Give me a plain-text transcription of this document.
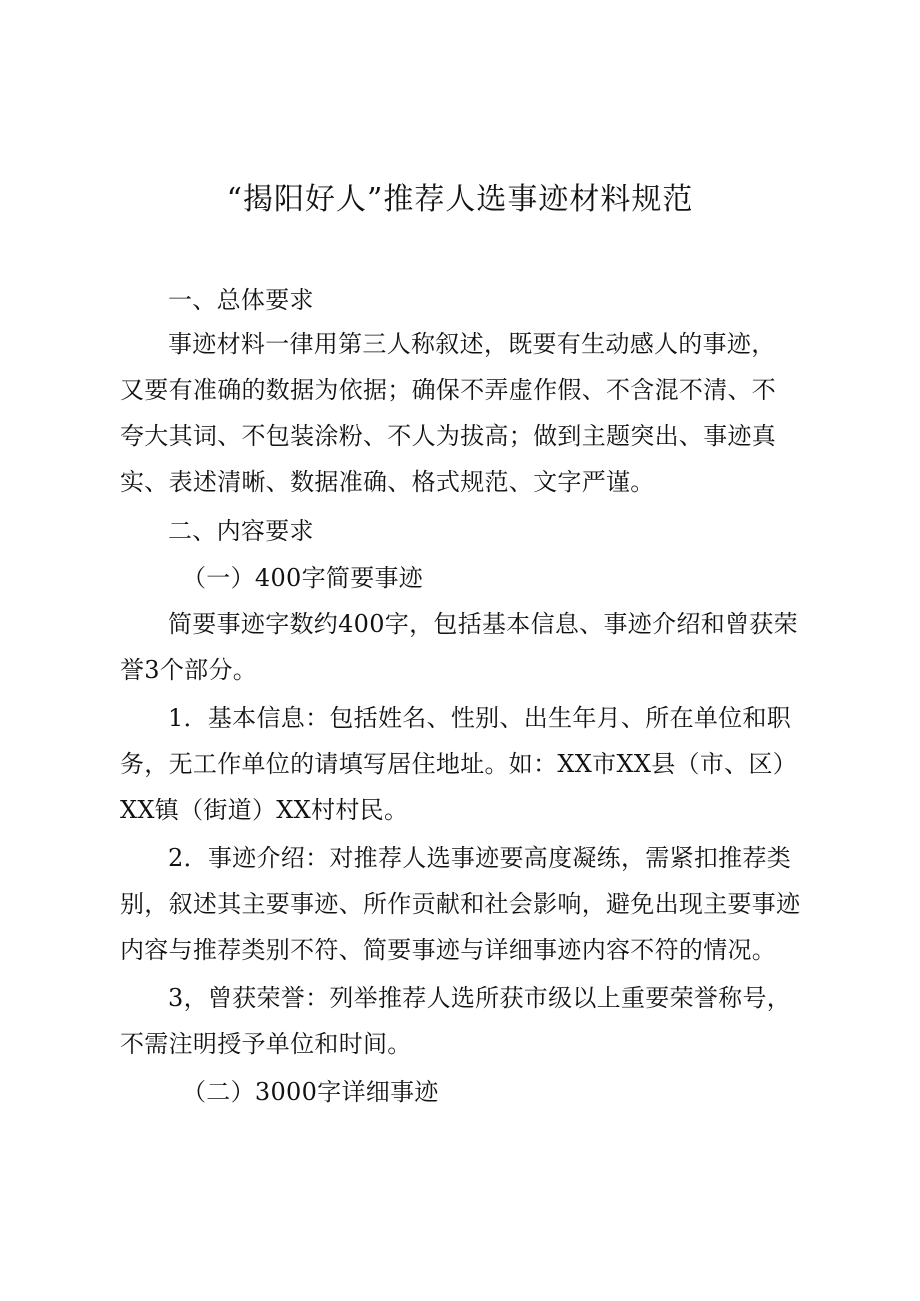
“揭阳好人”推荐人选事迹材料规范
一、总体要求
事迹材料一律用第三人称叙述，既要有生动感人的事迹，
又要有准确的数据为依据；确保不弄虚作假、不含混不清、不
夸大其词、不包装涂粉、不人为拔高；做到主题突出、事迹真
实、表述清晰、数据准确、格式规范、文字严谨。
二、内容要求
（一）400字简要事迹
简要事迹字数约400字，包括基本信息、事迹介绍和曾获荣
誉3个部分。
1．基本信息：包括姓名、性别、出生年月、所在单位和职
务，无工作单位的请填写居住地址。如：XX市XX县（市、区）
XX镇（街道）XX村村民。
2．事迹介绍：对推荐人选事迹要高度凝练，需紧扣推荐类
别，叙述其主要事迹、所作贡献和社会影响，避免出现主要事迹
内容与推荐类别不符、简要事迹与详细事迹内容不符的情况。
3，曾获荣誉：列举推荐人选所获市级以上重要荣誉称号，
不需注明授予单位和时间。
（二）3000字详细事迹
